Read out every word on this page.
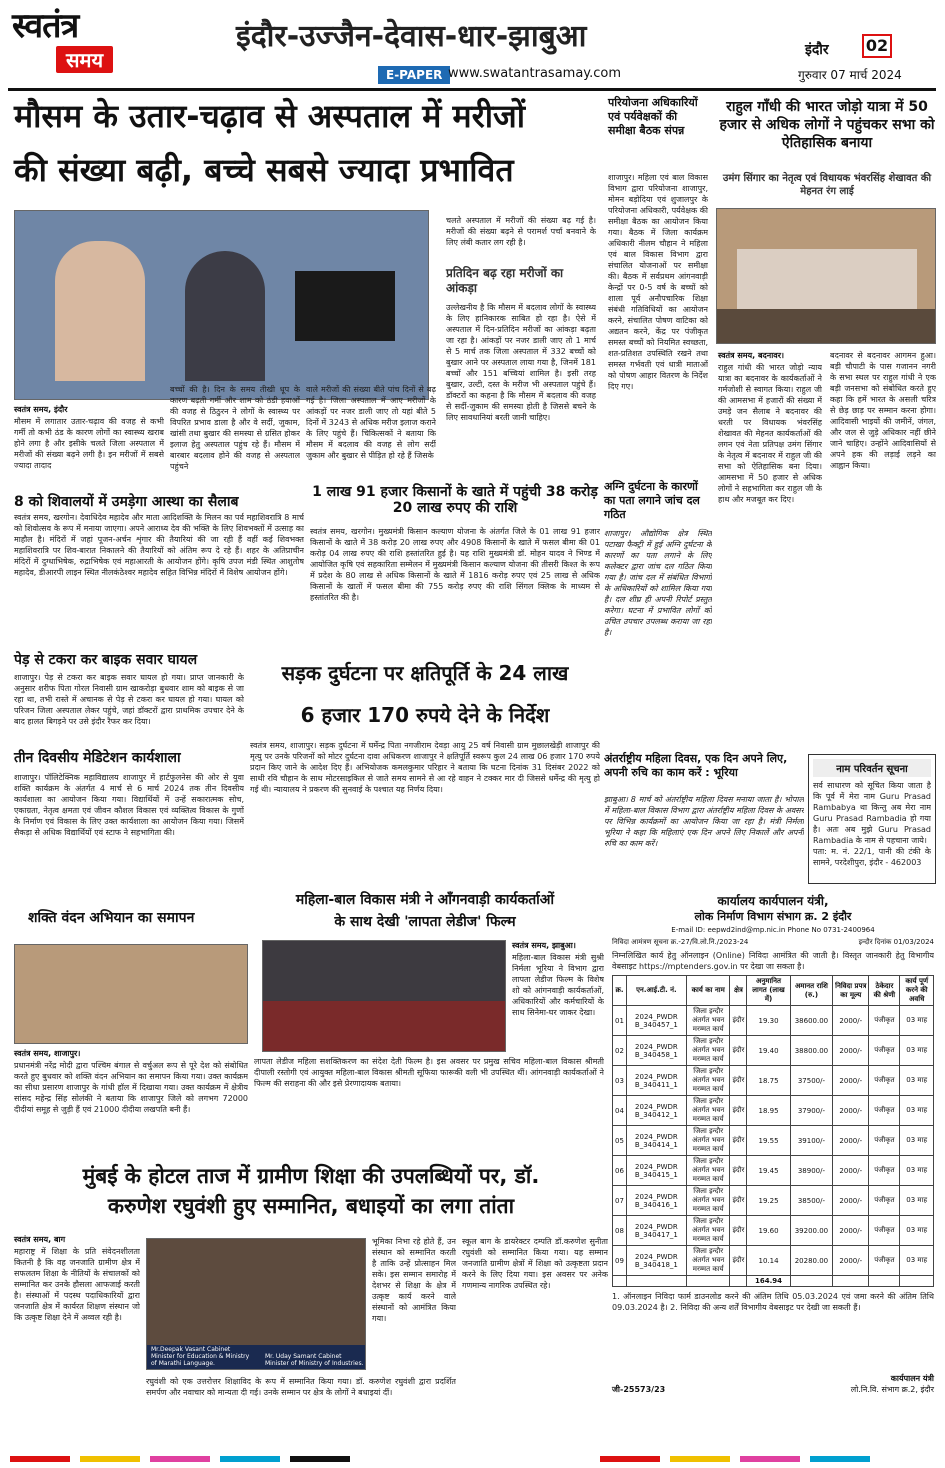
स्वतंत्र
समय
इंदौर-उज्जैन-देवास-धार-झाबुआ
E-PAPER www.swatantrasamay.com
इंदौर 02
गुरुवार 07 मार्च 2024
मौसम के उतार-चढ़ाव से अस्पताल में मरीजों
की संख्या बढ़ी, बच्चे सबसे ज्यादा प्रभावित
स्वतंत्र समय, इंदौर
मौसम में लगातार उतार-चढ़ाव की वजह से कभी गर्मी तो कभी ठंड के कारण लोगों का स्वास्थ्य खराब होने लगा है और इसीके चलते जिला अस्पताल में मरीजों की संख्या बढ़ने लगी है। इन मरीजों में सबसे ज्यादा तादाद
बच्चों की है। दिन के समय तीखी धूप के कारण बढ़ती गर्मी और शाम को ठंडी हवाओं की वजह से ठिठुरन ने लोगों के स्वास्थ्य पर विपरित प्रभाव डाला है और वे सर्दी, जुकाम, खांसी तथा बुखार की समस्या से ग्रसित होकर इलाज हेतु अस्पताल पहुंच रहे हैं। मौसम में बारबार बदलाव होने की वजह से अस्पताल पहुंचने
वाले मरीजों की संख्या बीते पांच दिनों से बढ़ गई है। जिला अस्पताल में आए मरीजों के आंकड़ों पर नजर डाली जाए तो यहां बीते 5 दिनों में 3243 से अधिक मरीज इलाज कराने के लिए पहुंचे हैं। चिकित्सकों ने बताया कि मौसम में बदलाव की वजह से लोग सर्दी जुकाम और बुखार से पीड़ित हो रहे हैं जिसके
चलते अस्पताल में मरीजों की संख्या बढ़ गई है। मरीजों की संख्या बढ़ने से परामर्श पर्चा बनवाने के लिए लंबी कतार लग रही है।
प्रतिदिन बढ़ रहा मरीजों का आंकड़ा
उल्लेखनीय है कि मौसम में बदलाव लोगों के स्वास्थ्य के लिए हानिकारक साबित हो रहा है। ऐसे में अस्पताल में दिन-प्रतिदिन मरीजों का आंकड़ा बढ़ता जा रहा है। आंकड़ों पर नजर डाली जाए तो 1 मार्च से 5 मार्च तक जिला अस्पताल में 332 बच्चों को बुखार आने पर अस्पताल लाया गया है, जिनमें 181 बच्चों और 151 बच्चियां शामिल है। इसी तरह बुखार, उल्टी, दस्त के मरीज भी अस्पताल पहुंचे हैं। डॉक्टरों का कहना है कि मौसम में बदलाव की वजह से सर्दी-जुकाम की समस्या होती है जिससे बचने के लिए सावधानियां बरती जानी चाहिए।
परियोजना अधिकारियों एवं पर्यवेक्षकों की समीक्षा बैठक संपन्न
शाजापुर। महिला एवं बाल विकास विभाग द्वारा परियोजना शाजापुर, मोमन बड़ोदिया एवं शुजालपुर के परियोजना अधिकारी, पर्यवेक्षक की समीक्षा बैठक का आयोजन किया गया। बैठक में जिला कार्यक्रम अधिकारी नीलम चौहान ने महिला एवं बाल विकास विभाग द्वारा संचालित योजनाओं पर समीक्षा की। बैठक में सर्वप्रथम आंगनवाड़ी केन्द्रों पर 0-5 वर्ष के बच्चों को शाला पूर्व अनौपचारिक शिक्षा संबंधी गतिविधियों का आयोजन करने, संचालित पोषण वाटिका को अद्यतन करने, केंद्र पर पंजीकृत समस्त बच्चों को नियमित स्वच्छता, शत-प्रतिशत उपस्थिति रखने तथा समस्त गर्भवती एवं धात्री माताओं को पोषण आहार वितरण के निर्देश दिए गए।
अग्नि दुर्घटना के कारणों का पता लगाने जांच दल गठित
शाजापुर। औद्योगिक क्षेत्र स्थित पटाखा फैक्ट्री में हुई अग्नि दुर्घटना के कारणों का पता लगाने के लिए कलेक्टर द्वारा जांच दल गठित किया गया है। जांच दल में संबंधित विभागों के अधिकारियों को शामिल किया गया है। दल शीघ्र ही अपनी रिपोर्ट प्रस्तुत करेगा। घटना में प्रभावित लोगों को उचित उपचार उपलब्ध कराया जा रहा है।
राहुल गाँधी की भारत जोड़ो यात्रा में 50 हजार से अधिक लोगों ने पहुंचकर सभा को ऐतिहासिक बनाया
उमंग सिंगार का नेतृत्व एवं विधायक भंवरसिंह शेखावत की मेहनत रंग लाई
स्वतंत्र समय, बदनावर।
राहुल गांधी की भारत जोड़ो न्याय यात्रा का बदनावर के कार्यकर्ताओं ने गर्मजोशी से स्वागत किया। राहुल जी की आमसभा में हजारों की संख्या में उमड़े जन सैलाब ने बदनावर की धरती पर विधायक भंवरसिंह शेखावत की मेहनत कार्यकर्ताओं की लगन एवं नेता प्रतिपक्ष उमंग सिंगार के नेतृत्व में बदनावर में राहुल जी की सभा को ऐतिहासिक बना दिया। आमसभा में 50 हजार से अधिक लोगों ने सहभागिता कर राहुल जी के हाथ और मजबूत कर दिए।
बदनावर से बदनावर आगमन हुआ। बड़ी चौपाटी के पास गजानन नगरी के सभा स्थल पर राहुल गांधी ने एक बड़ी जनसभा को संबोधित करते हुए कहा कि हमें भारत के असली चरित्र से छेड़ छाड़ पर सम्मान करना होगा। आदिवासी भाइयों की जमीनें, जंगल, और जल से जुड़े अधिकार नहीं छीने जाने चाहिए। उन्होंने आदिवासियों से अपने हक की लड़ाई लड़ने का आह्वान किया।
नाम परिवर्तन सूचना
सर्व साधारण को सूचित किया जाता है कि पूर्व में मेरा नाम Guru Prasad Rambabya था किन्तु अब मेरा नाम Guru Prasad Rambadia हो गया है। अतः अब मुझे Guru Prasad Rambadia के नाम से पहचाना जाये।
पता: म. नं. 22/1, पानी की टंकी के सामने, परदेशीपुरा, इंदौर - 462003
8 को शिवालयों में उमड़ेगा आस्था का सैलाब
स्वतंत्र समय, खरगोन। देवाधिदेव महादेव और माता आदिशक्ति के मिलन का पर्व महाशिवरात्रि 8 मार्च को शिवोत्सव के रूप में मनाया जाएगा। अपने आराध्य देव की भक्ति के लिए शिवभक्तों में उत्साह का माहौल है। मंदिरों में जहां पूजन-अर्चन शृंगार की तैयारियां की जा रही हैं वहीं कई शिवभक्त महाशिवरात्रि पर शिव-बारात निकालने की तैयारियों को अंतिम रूप दे रहे हैं। शहर के अतिप्राचीन मंदिरों में दुग्धाभिषेक, रुद्राभिषेक एवं महाआरती के आयोजन होंगे। कृषि उपज मंडी स्थित आशुतोष महादेव, डीआरपी लाइन स्थित नीलकंठेश्वर महादेव सहित विभिन्न मंदिरों में विशेष आयोजन होंगे।
1 लाख 91 हजार किसानों के खाते में पहुंची 38 करोड़ 20 लाख रुपए की राशि
स्वतंत्र समय, खरगोन। मुख्यमंत्री किसान कल्याण योजना के अंतर्गत जिले के 01 लाख 91 हजार किसानों के खाते में 38 करोड़ 20 लाख रुपए और 4908 किसानों के खाते में फसल बीमा की 01 करोड़ 04 लाख रुपए की राशि हस्तांतरित हुई है। यह राशि मुख्यमंत्री डॉ. मोहन यादव ने भिण्ड में आयोजित कृषि एवं सहकारिता सम्मेलन में मुख्यमंत्री किसान कल्याण योजना की तीसरी किश्त के रूप में प्रदेश के 80 लाख से अधिक किसानों के खाते में 1816 करोड़ रुपए एवं 25 लाख से अधिक किसानों के खातों में फसल बीमा की 755 करोड़ रुपए की राशि सिंगल क्लिक के माध्यम से हस्तांतरित की है।
पेड़ से टकरा कर बाइक सवार घायल
शाजापुर। पेड़ से टकरा कर बाइक सवार घायल हो गया। प्राप्त जानकारी के अनुसार शरीफ पिता गोरल निवासी ग्राम खाकरोड़ा बुधवार शाम को बाइक से जा रहा था, तभी रास्ते में अचानक से पेड़ से टकरा कर घायल हो गया। घायल को परिजन जिला अस्पताल लेकर पहुंचे, जहां डॉक्टरों द्वारा प्राथमिक उपचार देने के बाद हालत बिगड़ने पर उसे इंदौर रैफर कर दिया।
तीन दिवसीय मेडिटेशन कार्यशाला
शाजापुर। पॉलिटेक्निक महाविद्यालय शाजापुर में हार्टफुलनेस की ओर से युवा शक्ति कार्यक्रम के अंतर्गत 4 मार्च से 6 मार्च 2024 तक तीन दिवसीय कार्यशाला का आयोजन किया गया। विद्यार्थियों में उन्हें सकारात्मक सोच, एकाग्रता, नेतृत्व क्षमता एवं जीवन कौशल विकास एवं व्यक्तित्व विकास के गुणों के निर्माण एवं विकास के लिए उक्त कार्यशाला का आयोजन किया गया। जिसमें सैकड़ा से अधिक विद्यार्थियों एवं स्टाफ ने सहभागिता की।
शक्ति वंदन अभियान का समापन
स्वतंत्र समय, शाजापुर।
प्रधानमंत्री नरेंद्र मोदी द्वारा पश्चिम बंगाल से वर्चुअल रूप से पूरे देश को संबोधित करते हुए बुधवार को शक्ति वंदन अभियान का समापन किया गया। उक्त कार्यक्रम का सीधा प्रसारण शाजापुर के गांधी हॉल में दिखाया गया। उक्त कार्यक्रम में क्षेत्रीय सांसद महेन्द्र सिंह सोलंकी ने बताया कि शाजापुर जिले को लगभग 72000 दीदीयां समूह से जुड़ी हैं एवं 21000 दीदीया लखपति बनी हैं।
सड़क दुर्घटना पर क्षतिपूर्ति के 24 लाख
6 हजार 170 रुपये देने के निर्देश
स्वतंत्र समय, शाजापुर। सड़क दुर्घटना में घर्मेन्द्र पिता नगजीराम देवड़ा आयु 25 वर्ष निवासी ग्राम मुछालखेड़ी शाजापुर की मृत्यु पर उनके परिजनों को मोटर दुर्घटना दावा अधिकरण शाजापुर ने क्षतिपूर्ति स्वरूप कुल 24 लाख 06 हजार 170 रुपये प्रदान किए जाने के आदेश दिए हैं। अभियोजक कमलकुमार परिहार ने बताया कि घटना दिनांक 31 दिसंबर 2022 को साथी रवि चौहान के साथ मोटरसाइकिल से जाते समय सामने से आ रहे वाहन ने टक्कर मार दी जिससे धर्मेन्द्र की मृत्यु हो गई थी। न्यायालय ने प्रकरण की सुनवाई के पश्चात यह निर्णय दिया।
अंतर्राष्ट्रीय महिला दिवस, एक दिन अपने लिए, अपनी रुचि का काम करें : भूरिया
झाबुआ। 8 मार्च को अंतर्राष्ट्रीय महिला दिवस मनाया जाता है। भोपाल में महिला-बाल विकास विभाग द्वारा अंतर्राष्ट्रीय महिला दिवस के अवसर पर विभिन्न कार्यक्रमों का आयोजन किया जा रहा है। मंत्री निर्मला भूरिया ने कहा कि महिलाएं एक दिन अपने लिए निकालें और अपनी रुचि का काम करें।
महिला-बाल विकास मंत्री ने आँगनवाड़ी कार्यकर्ताओं
के साथ देखी 'लापता लेडीज' फिल्म
स्वतंत्र समय, झाबुआ।
महिला-बाल विकास मंत्री सुश्री निर्मला भूरिया ने विभाग द्वारा लापता लेडीज फिल्म के विशेष शो को आंगनवाड़ी कार्यकर्ताओं, अधिकारियों और कर्मचारियों के साथ सिनेमा-घर जाकर देखा।
लापता लेडीज महिला सशक्तिकरण का संदेश देती फिल्म है। इस अवसर पर प्रमुख सचिव महिला-बाल विकास श्रीमती दीपाली रस्तोगी एवं आयुक्त महिला-बाल विकास श्रीमती सूफिया फारूकी वली भी उपस्थित थीं। आंगनवाड़ी कार्यकर्ताओं ने फिल्म की सराहना की और इसे प्रेरणादायक बताया।
कार्यालय कार्यपालन यंत्री,
लोक निर्माण विभाग संभाग क्र. 2 इंदौर
E-mail ID: eepwd2ind@mp.nic.in Phone No 0731-2400964
निविदा आमंत्रण सूचना क्र.-27/वि.लो.नि./2023-24	इन्दौर दिनांक 01/03/2024
निम्नलिखित कार्य हेतु ऑनलाइन (Online) निविदा आमंत्रित की जाती है। विस्तृत जानकारी हेतु विभागीय वेबसाइट https://mptenders.gov.in पर देखा जा सकता है।
क्र.	एन.आई.टी. नं.	कार्य का नाम	क्षेत्र	अनुमानित लागत (लाख में)	अमानत राशि (रु.)	निविदा प्रपत्र का मूल्य	ठेकेदार की श्रेणी	कार्य पूर्ण करने की अवधि
01	2024_PWDR B_340457_1	जिला इन्दौर अंतर्गत भवन मरम्मत कार्य	इंदौर	19.30	38600.00	2000/-	पंजीकृत	03 माह
02	2024_PWDR B_340458_1	जिला इन्दौर अंतर्गत भवन मरम्मत कार्य	इंदौर	19.40	38800.00	2000/-	पंजीकृत	03 माह
03	2024_PWDR B_340411_1	जिला इन्दौर अंतर्गत भवन मरम्मत कार्य	इंदौर	18.75	37500/-	2000/-	पंजीकृत	03 माह
04	2024_PWDR B_340412_1	जिला इन्दौर अंतर्गत भवन मरम्मत कार्य	इंदौर	18.95	37900/-	2000/-	पंजीकृत	03 माह
05	2024_PWDR B_340414_1	जिला इन्दौर अंतर्गत भवन मरम्मत कार्य	इंदौर	19.55	39100/-	2000/-	पंजीकृत	03 माह
06	2024_PWDR B_340415_1	जिला इन्दौर अंतर्गत भवन मरम्मत कार्य	इंदौर	19.45	38900/-	2000/-	पंजीकृत	03 माह
07	2024_PWDR B_340416_1	जिला इन्दौर अंतर्गत भवन मरम्मत कार्य	इंदौर	19.25	38500/-	2000/-	पंजीकृत	03 माह
08	2024_PWDR B_340417_1	जिला इन्दौर अंतर्गत भवन मरम्मत कार्य	इंदौर	19.60	39200.00	2000/-	पंजीकृत	03 माह
09	2024_PWDR B_340418_1	जिला इन्दौर अंतर्गत भवन मरम्मत कार्य	इंदौर	10.14	20280.00	2000/-	पंजीकृत	03 माह
				164.94				
1. ऑनलाइन निविदा फार्म डाउनलोड करने की अंतिम तिथि 05.03.2024 एवं जमा करने की अंतिम तिथि 09.03.2024 है। 2. निविदा की अन्य शर्तें विभागीय वेबसाइट पर देखी जा सकती हैं।
जी-25573/23
कार्यपालन यंत्री
लो.नि.वि. संभाग क्र.2, इंदौर
मुंबई के होटल ताज में ग्रामीण शिक्षा की उपलब्धियों पर, डॉ.
करुणेश रघुवंशी हुए सम्मानित, बधाइयों का लगा तांता
स्वतंत्र समय, बाग
महाराष्ट्र में शिक्षा के प्रति संवेदनशीलता कितनी है कि वह जनजाति ग्रामीण क्षेत्र में सफलतम शिक्षा के नीतियों के संचालकों को सम्मानित कर उनके हौसला आफजाई करती है। संस्थाओं में पदस्थ पदाधिकारियों द्वारा जनजाति क्षेत्र में कार्यरत शिक्षण संस्थान जो कि उत्कृष्ट शिक्षा देने में अव्वल रही है।
Mr.Deepak Vasant Cabinet Minister for Education & Ministry of Marathi Language.
Mr. Uday Samant Cabinet Minister of Ministry of Industries.
भूमिका निभा रहे होते हैं, उन संस्थान को सम्मानित करती है ताकि उन्हें प्रोत्साहन मिल सके। इस सम्मान समारोह में देशभर से शिक्षा के क्षेत्र में उत्कृष्ट कार्य करने वाले संस्थानों को आमंत्रित किया गया।
स्कूल बाग के डायरेक्टर दम्पति डॉ.करुणेश सुनीता रघुवंशी को सम्मानित किया गया। यह सम्मान जनजाति ग्रामीण क्षेत्रों में शिक्षा को उत्कृष्टता प्रदान करने के लिए दिया गया। इस अवसर पर अनेक गणमान्य नागरिक उपस्थित रहे।
रघुवंशी को एक उत्तरोत्तर शिक्षाविद के रूप में सम्मानित किया गया। डॉ. करुणेश रघुवंशी द्वारा प्रदर्शित समर्पण और नवाचार को मान्यता दी गई। उनके सम्मान पर क्षेत्र के लोगों ने बधाइयां दीं।
